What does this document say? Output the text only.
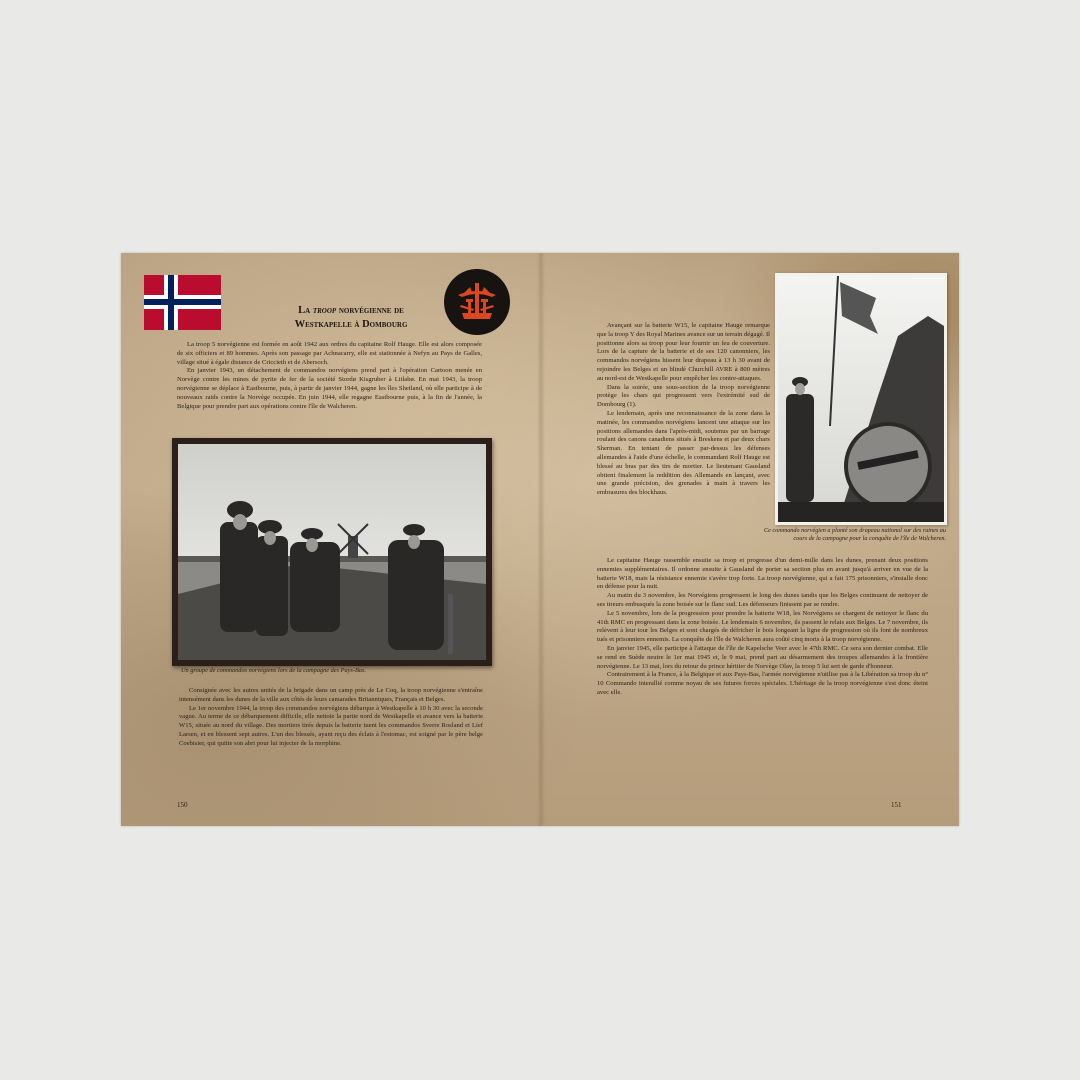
La troop norvégienne de
Westkapelle à Dombourg

La troop 5 norvégienne est formée en août 1942 aux ordres du capitaine Rolf Hauge. Elle est alors composée de six officiers et 89 hommes. Après son passage par Achnacarry, elle est stationnée à Nefyn au Pays de Galles, village situé à égale distance de Criccieth et de Abersoch.

En janvier 1943, un détachement de commandos norvégiens prend part à l'opération Cartoon menée en Norvège contre les mines de pyrite de fer de la société Stordø Kisgruber à Litlabø. En mai 1943, la troop norvégienne se déplace à Eastbourne, puis, à partir de janvier 1944, gagne les îles Shetland, où elle participe à de nouveaux raids contre la Norvège occupée. En juin 1944, elle regagne Eastbourne puis, à la fin de l'année, la Belgique pour prendre part aux opérations contre l'île de Walcheren.

Un groupe de commandos norvégiens lors de la campagne des Pays-Bas.

Consignée avec les autres unités de la brigade dans un camp près de Le Coq, la troop norvégienne s'entraîne intensément dans les dunes de la ville aux côtés de leurs camarades Britanniques, Français et Belges.

Le 1er novembre 1944, la troop des commandos norvégiens débarque à Westkapelle à 10 h 30 avec la seconde vague. Au terme de ce débarquement difficile, elle nettoie la partie nord de Westkapelle et avance vers la batterie W15, située au nord du village. Des mortiers tirés depuis la batterie tuent les commandos Sverre Rosland et Lief Larsen, et en blessent sept autres. L'un des blessés, ayant reçu des éclats à l'estomac, est soigné par le père belge Coebisier, qui quitte son abri pour lui injecter de la morphine.

150

Avançant sur la batterie W15, le capitaine Hauge remarque que la troop Y des Royal Marines avance sur un terrain dégagé. Il positionne alors sa troop pour leur fournir un feu de couverture. Lors de la capture de la batterie et de ses 120 canonniers, les commandos norvégiens hissent leur drapeau à 13 h 30 avant de rejoindre les Belges et un blindé Churchill AVRE à 800 mètres au nord-est de Westkapelle pour empêcher les contre-attaques.

Dans la soirée, une sous-section de la troop norvégienne protège les chars qui progressent vers l'extrémité sud de Dombourg (1).

Le lendemain, après une reconnaissance de la zone dans la matinée, les commandos norvégiens lancent une attaque sur les positions allemandes dans l'après-midi, soutenus par un barrage roulant des canons canadiens situés à Breskens et par deux chars Sherman. En tentant de passer par-dessus les défenses allemandes à l'aide d'une échelle, le commandant Rolf Hauge est blessé au bras par des tirs de mortier. Le lieutenant Gausland obtient finalement la reddition des Allemands en lançant, avec une grande précision, des grenades à main à travers les embrasures des blockhaus.

Ce commando norvégien a planté son drapeau national sur des ruines au cours de la campagne pour la conquête de l'île de Walcheren.

Le capitaine Hauge rassemble ensuite sa troop et progresse d'un demi-mille dans les dunes, prenant deux positions ennemies supplémentaires. Il ordonne ensuite à Gausland de porter sa section plus en avant jusqu'à arriver en vue de la batterie W18, mais la résistance ennemie s'avère trop forte. La troop norvégienne, qui a fait 175 prisonniers, s'installe donc en défense pour la nuit.

Au matin du 3 novembre, les Norvégiens progressent le long des dunes tandis que les Belges continuent de nettoyer de ses tireurs embusqués la zone boisée sur le flanc sud. Les défenseurs finissent par se rendre.

Le 5 novembre, lors de la progression pour prendre la batterie W18, les Norvégiens se chargent de nettoyer le flanc du 41th RMC en progressant dans la zone boisée. Le lendemain 6 novembre, ils passent le relais aux Belges. Le 7 novembre, ils relèvent à leur tour les Belges et sont chargés de défricher le bois longeant la ligne de progression où ils font de nombreux tués et prisonniers ennemis. La conquête de l'île de Walcheren aura coûté cinq morts à la troop norvégienne.

En janvier 1945, elle participe à l'attaque de l'île de Kapelsche Veer avec le 47th RMC. Ce sera son dernier combat. Elle se rend en Suède neutre le 1er mai 1945 et, le 9 mai, prend part au désarmement des troupes allemandes à la frontière norvégienne. Le 13 mai, lors du retour du prince héritier de Norvège Olav, la troop 5 lui sert de garde d'honneur.

Contrairement à la France, à la Belgique et aux Pays-Bas, l'armée norvégienne n'utilise pas à la Libération sa troop du n° 10 Commando interallié comme noyau de ses futures forces spéciales. L'héritage de la troop norvégienne s'est donc éteint avec elle.

151
